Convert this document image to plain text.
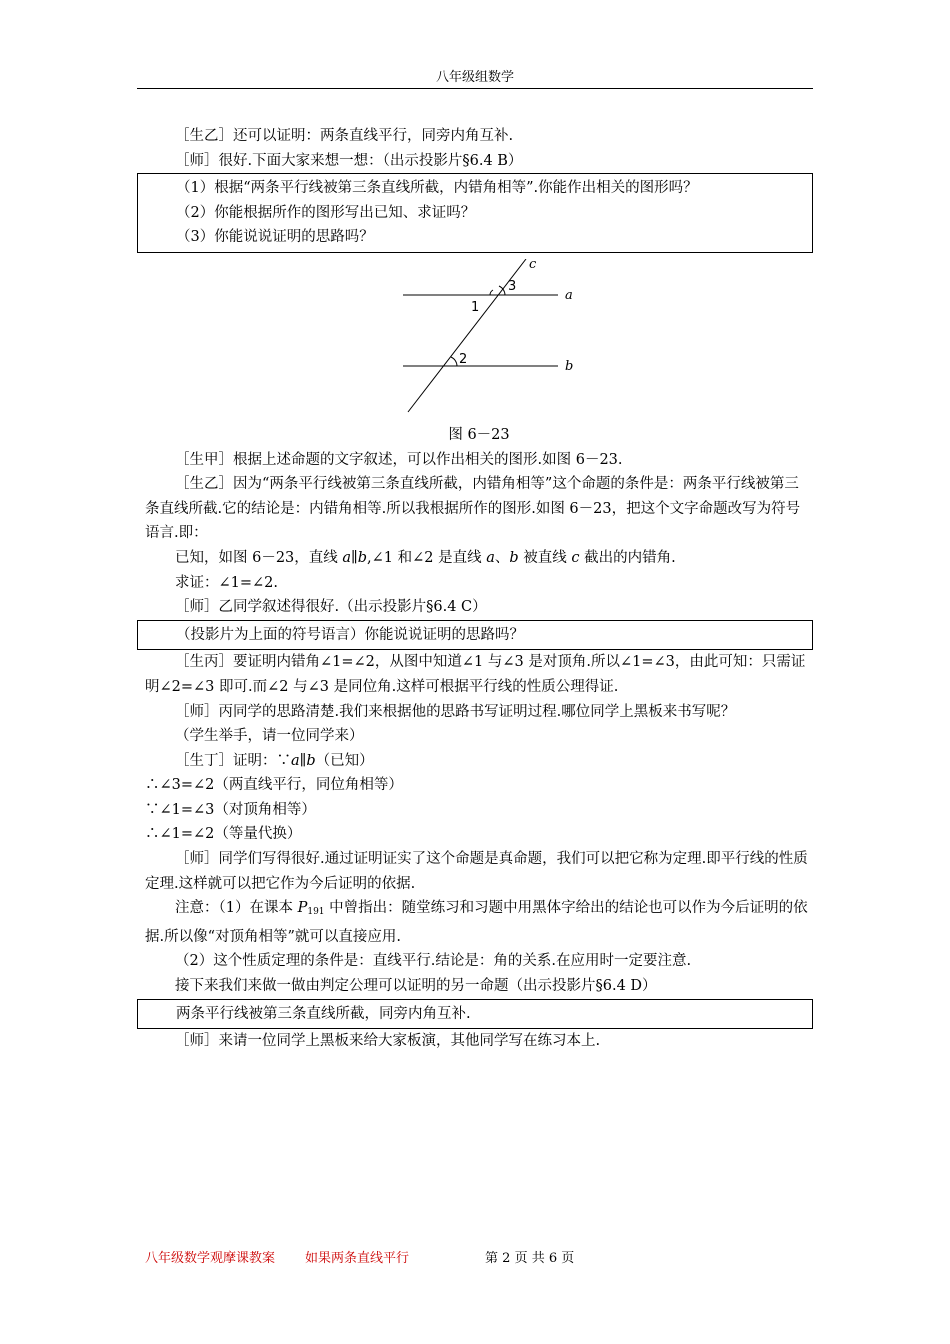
八年级组数学

［生乙］还可以证明：两条直线平行，同旁内角互补.

［师］很好.下面大家来想一想：（出示投影片§6.4 B）

（1）根据“两条平行线被第三条直线所截，内错角相等”.你能作出相关的图形吗？

（2）你能根据所作的图形写出已知、求证吗？

（3）你能说说证明的思路吗？

c
a
b
3
1
2

图 6－23

［生甲］根据上述命题的文字叙述，可以作出相关的图形.如图 6－23.

［生乙］因为“两条平行线被第三条直线所截，内错角相等”这个命题的条件是：两条平行线被第三条直线所截.它的结论是：内错角相等.所以我根据所作的图形.如图 6－23，把这个文字命题改写为符号语言.即：

已知，如图 6－23，直线 a∥b,∠1 和∠2 是直线 a、b 被直线 c 截出的内错角.

求证：∠1=∠2.

［师］乙同学叙述得很好.（出示投影片§6.4 C）

（投影片为上面的符号语言）你能说说证明的思路吗？

［生丙］要证明内错角∠1=∠2，从图中知道∠1 与∠3 是对顶角.所以∠1=∠3，由此可知：只需证明∠2=∠3 即可.而∠2 与∠3 是同位角.这样可根据平行线的性质公理得证.

［师］丙同学的思路清楚.我们来根据他的思路书写证明过程.哪位同学上黑板来书写呢？

（学生举手，请一位同学来）

［生丁］证明：∵a∥b（已知）

∴∠3=∠2（两直线平行，同位角相等）

∵∠1=∠3（对顶角相等）

∴∠1=∠2（等量代换）

［师］同学们写得很好.通过证明证实了这个命题是真命题，我们可以把它称为定理.即平行线的性质定理.这样就可以把它作为今后证明的依据.

注意：（1）在课本 $P_{191}$ 中曾指出：随堂练习和习题中用黑体字给出的结论也可以作为今后证明的依据.所以像“对顶角相等”就可以直接应用.

（2）这个性质定理的条件是：直线平行.结论是：角的关系.在应用时一定要注意.

接下来我们来做一做由判定公理可以证明的另一命题（出示投影片§6.4 D）

两条平行线被第三条直线所截，同旁内角互补.

［师］来请一位同学上黑板来给大家板演，其他同学写在练习本上.

八年级数学观摩课教案 如果两条直线平行	第 2 页 共 6 页
